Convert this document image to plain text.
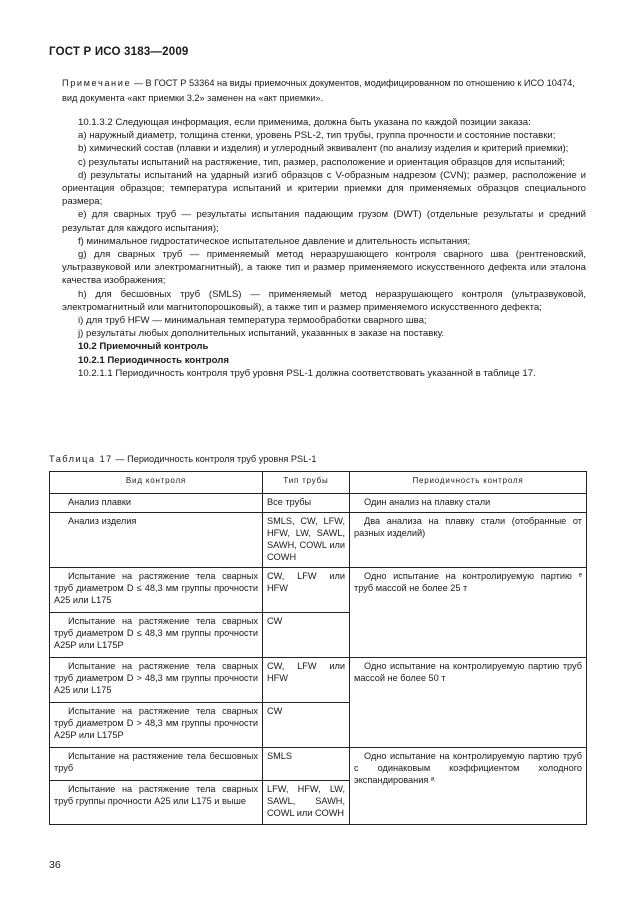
ГОСТ Р ИСО 3183—2009
Примечание — В ГОСТ Р 53364 на виды приемочных документов, модифицированном по отношению к ИСО 10474, вид документа «акт приемки 3.2» заменен на «акт приемки».

10.1.3.2 Следующая информация, если применима, должна быть указана по каждой позиции заказа:

a) наружный диаметр, толщина стенки, уровень PSL-2, тип трубы, группа прочности и состояние поставки;

b) химический состав (плавки и изделия) и углеродный эквивалент (по анализу изделия и критерий приемки);

c) результаты испытаний на растяжение, тип, размер, расположение и ориентация образцов для испытаний;

d) результаты испытаний на ударный изгиб образцов с V-образным надрезом (CVN); размер, расположение и ориентация образцов; температура испытаний и критерии приемки для применяемых образцов специального размера;

e) для сварных труб — результаты испытания падающим грузом (DWT) (отдельные результаты и средний результат для каждого испытания);

f) минимальное гидростатическое испытательное давление и длительность испытания;

g) для сварных труб — применяемый метод неразрушающего контроля сварного шва (рентгеновский, ультразвуковой или электромагнитный), а также тип и размер применяемого искусственного дефекта или эталона качества изображения;

h) для бесшовных труб (SMLS) — применяемый метод неразрушающего контроля (ультразвуковой, электромагнитный или магнитопорошковый), а также тип и размер применяемого искусственного дефекта;

i) для труб HFW — минимальная температура термообработки сварного шва;

j) результаты любых дополнительных испытаний, указанных в заказе на поставку.

10.2 Приемочный контроль

10.2.1 Периодичность контроля

10.2.1.1 Периодичность контроля труб уровня PSL-1 должна соответствовать указанной в таблице 17.

Таблица 17 — Периодичность контроля труб уровня PSL-1
Вид контроля	Тип трубы	Периодичность контроля
Анализ плавки	Все трубы	Один анализ на плавку стали
Анализ изделия	SMLS, CW, LFW, HFW, LW, SAWL, SAWH, COWL или COWH	Два анализа на плавку стали (отобранные от разных изделий)
Испытание на растяжение тела сварных труб диаметром D ≤ 48,3 мм группы прочности A25 или L175	CW, LFW или HFW	Одно испытание на контролируемую партию ᵉ труб массой не более 25 т
Испытание на растяжение тела сварных труб диаметром D ≤ 48,3 мм группы прочности A25P или L175P	CW	
Испытание на растяжение тела сварных труб диаметром D > 48,3 мм группы прочности A25 или L175	CW, LFW или HFW	Одно испытание на контролируемую партию труб массой не более 50 т
Испытание на растяжение тела сварных труб диаметром D > 48,3 мм группы прочности A25P или L175P	CW	
Испытание на растяжение тела бесшовных труб	SMLS	Одно испытание на контролируемую партию труб с одинаковым коэффициентом холодного экспандирования ᵃ
Испытание на растяжение тела сварных труб группы прочности A25 или L175 и выше	LFW, HFW, LW, SAWL, SAWH, COWL или COWH	
36
